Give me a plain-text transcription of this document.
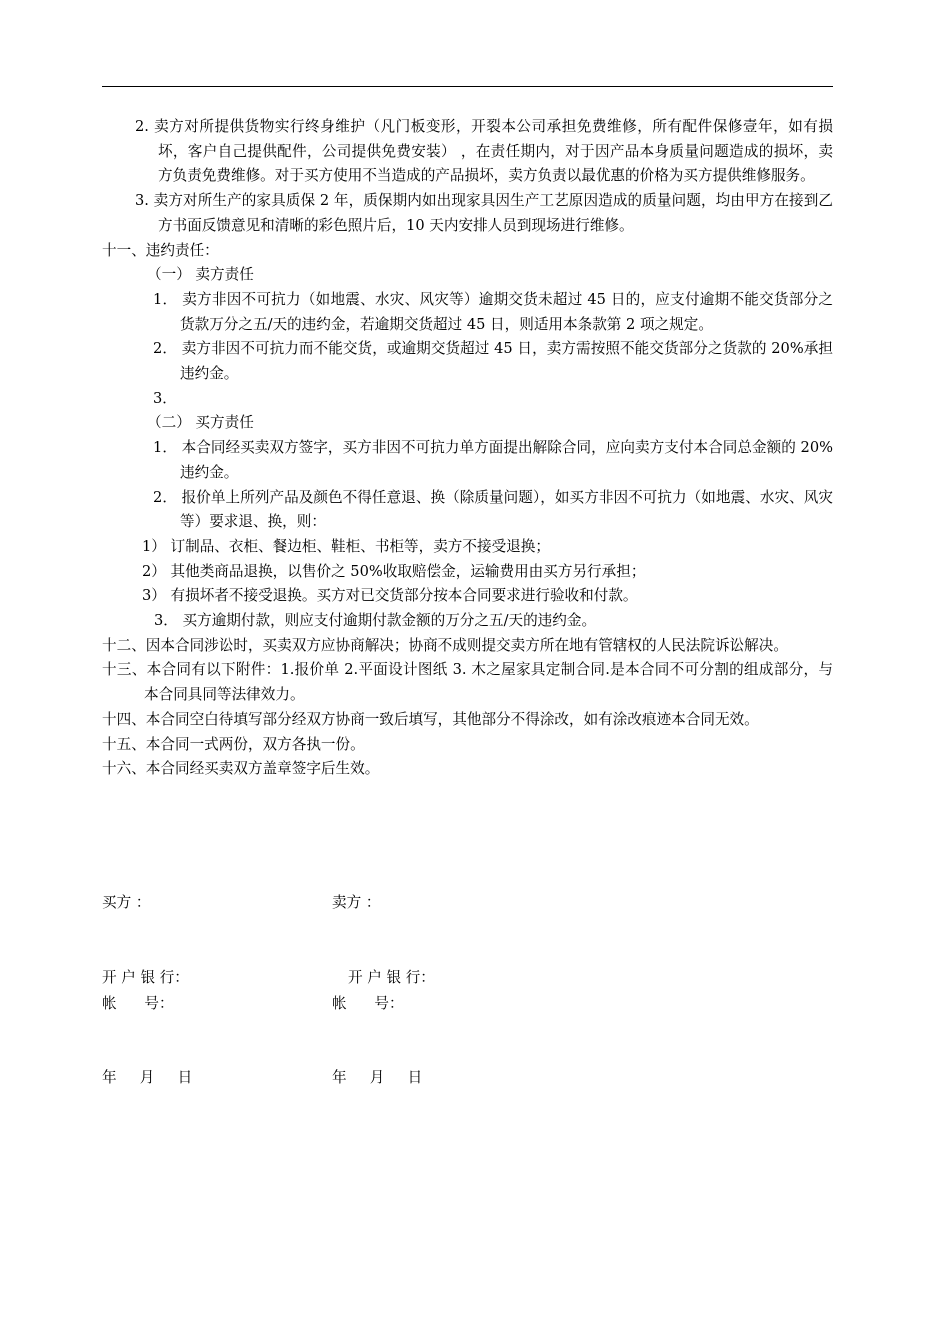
2. 卖方对所提供货物实行终身维护（凡门板变形，开裂本公司承担免费维修，所有配件保修壹年，如有损坏，客户自己提供配件，公司提供免费安装） ，在责任期内，对于因产品本身质量问题造成的损坏，卖方负责免费维修。对于买方使用不当造成的产品损坏，卖方负责以最优惠的价格为买方提供维修服务。

3. 卖方对所生产的家具质保 2 年，质保期内如出现家具因生产工艺原因造成的质量问题，均由甲方在接到乙方书面反馈意见和清晰的彩色照片后，10 天内安排人员到现场进行维修。

十一、违约责任：

（一） 卖方责任

1． 卖方非因不可抗力（如地震、水灾、风灾等）逾期交货未超过 45 日的，应支付逾期不能交货部分之货款万分之五/天的违约金，若逾期交货超过 45 日，则适用本条款第 2 项之规定。

2． 卖方非因不可抗力而不能交货，或逾期交货超过 45 日，卖方需按照不能交货部分之货款的 20%承担违约金。

3．

（二） 买方责任

1． 本合同经买卖双方签字，买方非因不可抗力单方面提出解除合同，应向卖方支付本合同总金额的 20%违约金。

2． 报价单上所列产品及颜色不得任意退、换（除质量问题），如买方非因不可抗力（如地震、水灾、风灾等）要求退、换，则：

1） 订制品、衣柜、餐边柜、鞋柜、书柜等，卖方不接受退换；

2） 其他类商品退换，以售价之 50%收取赔偿金，运输费用由买方另行承担；

3） 有损坏者不接受退换。买方对已交货部分按本合同要求进行验收和付款。

3． 买方逾期付款，则应支付逾期付款金额的万分之五/天的违约金。

十二、因本合同涉讼时，买卖双方应协商解决；协商不成则提交卖方所在地有管辖权的人民法院诉讼解决。

十三、本合同有以下附件：1.报价单 2.平面设计图纸 3. 木之屋家具定制合同.是本合同不可分割的组成部分，与本合同具同等法律效力。

十四、本合同空白待填写部分经双方协商一致后填写，其他部分不得涂改，如有涂改痕迹本合同无效。

十五、本合同一式两份，双方各执一份。

十六、本合同经买卖双方盖章签字后生效。

买方 ：	卖方 ：
开 户 银 行：	开 户 银 行：
帐      号：	帐      号：
年     月     日	年     月     日
